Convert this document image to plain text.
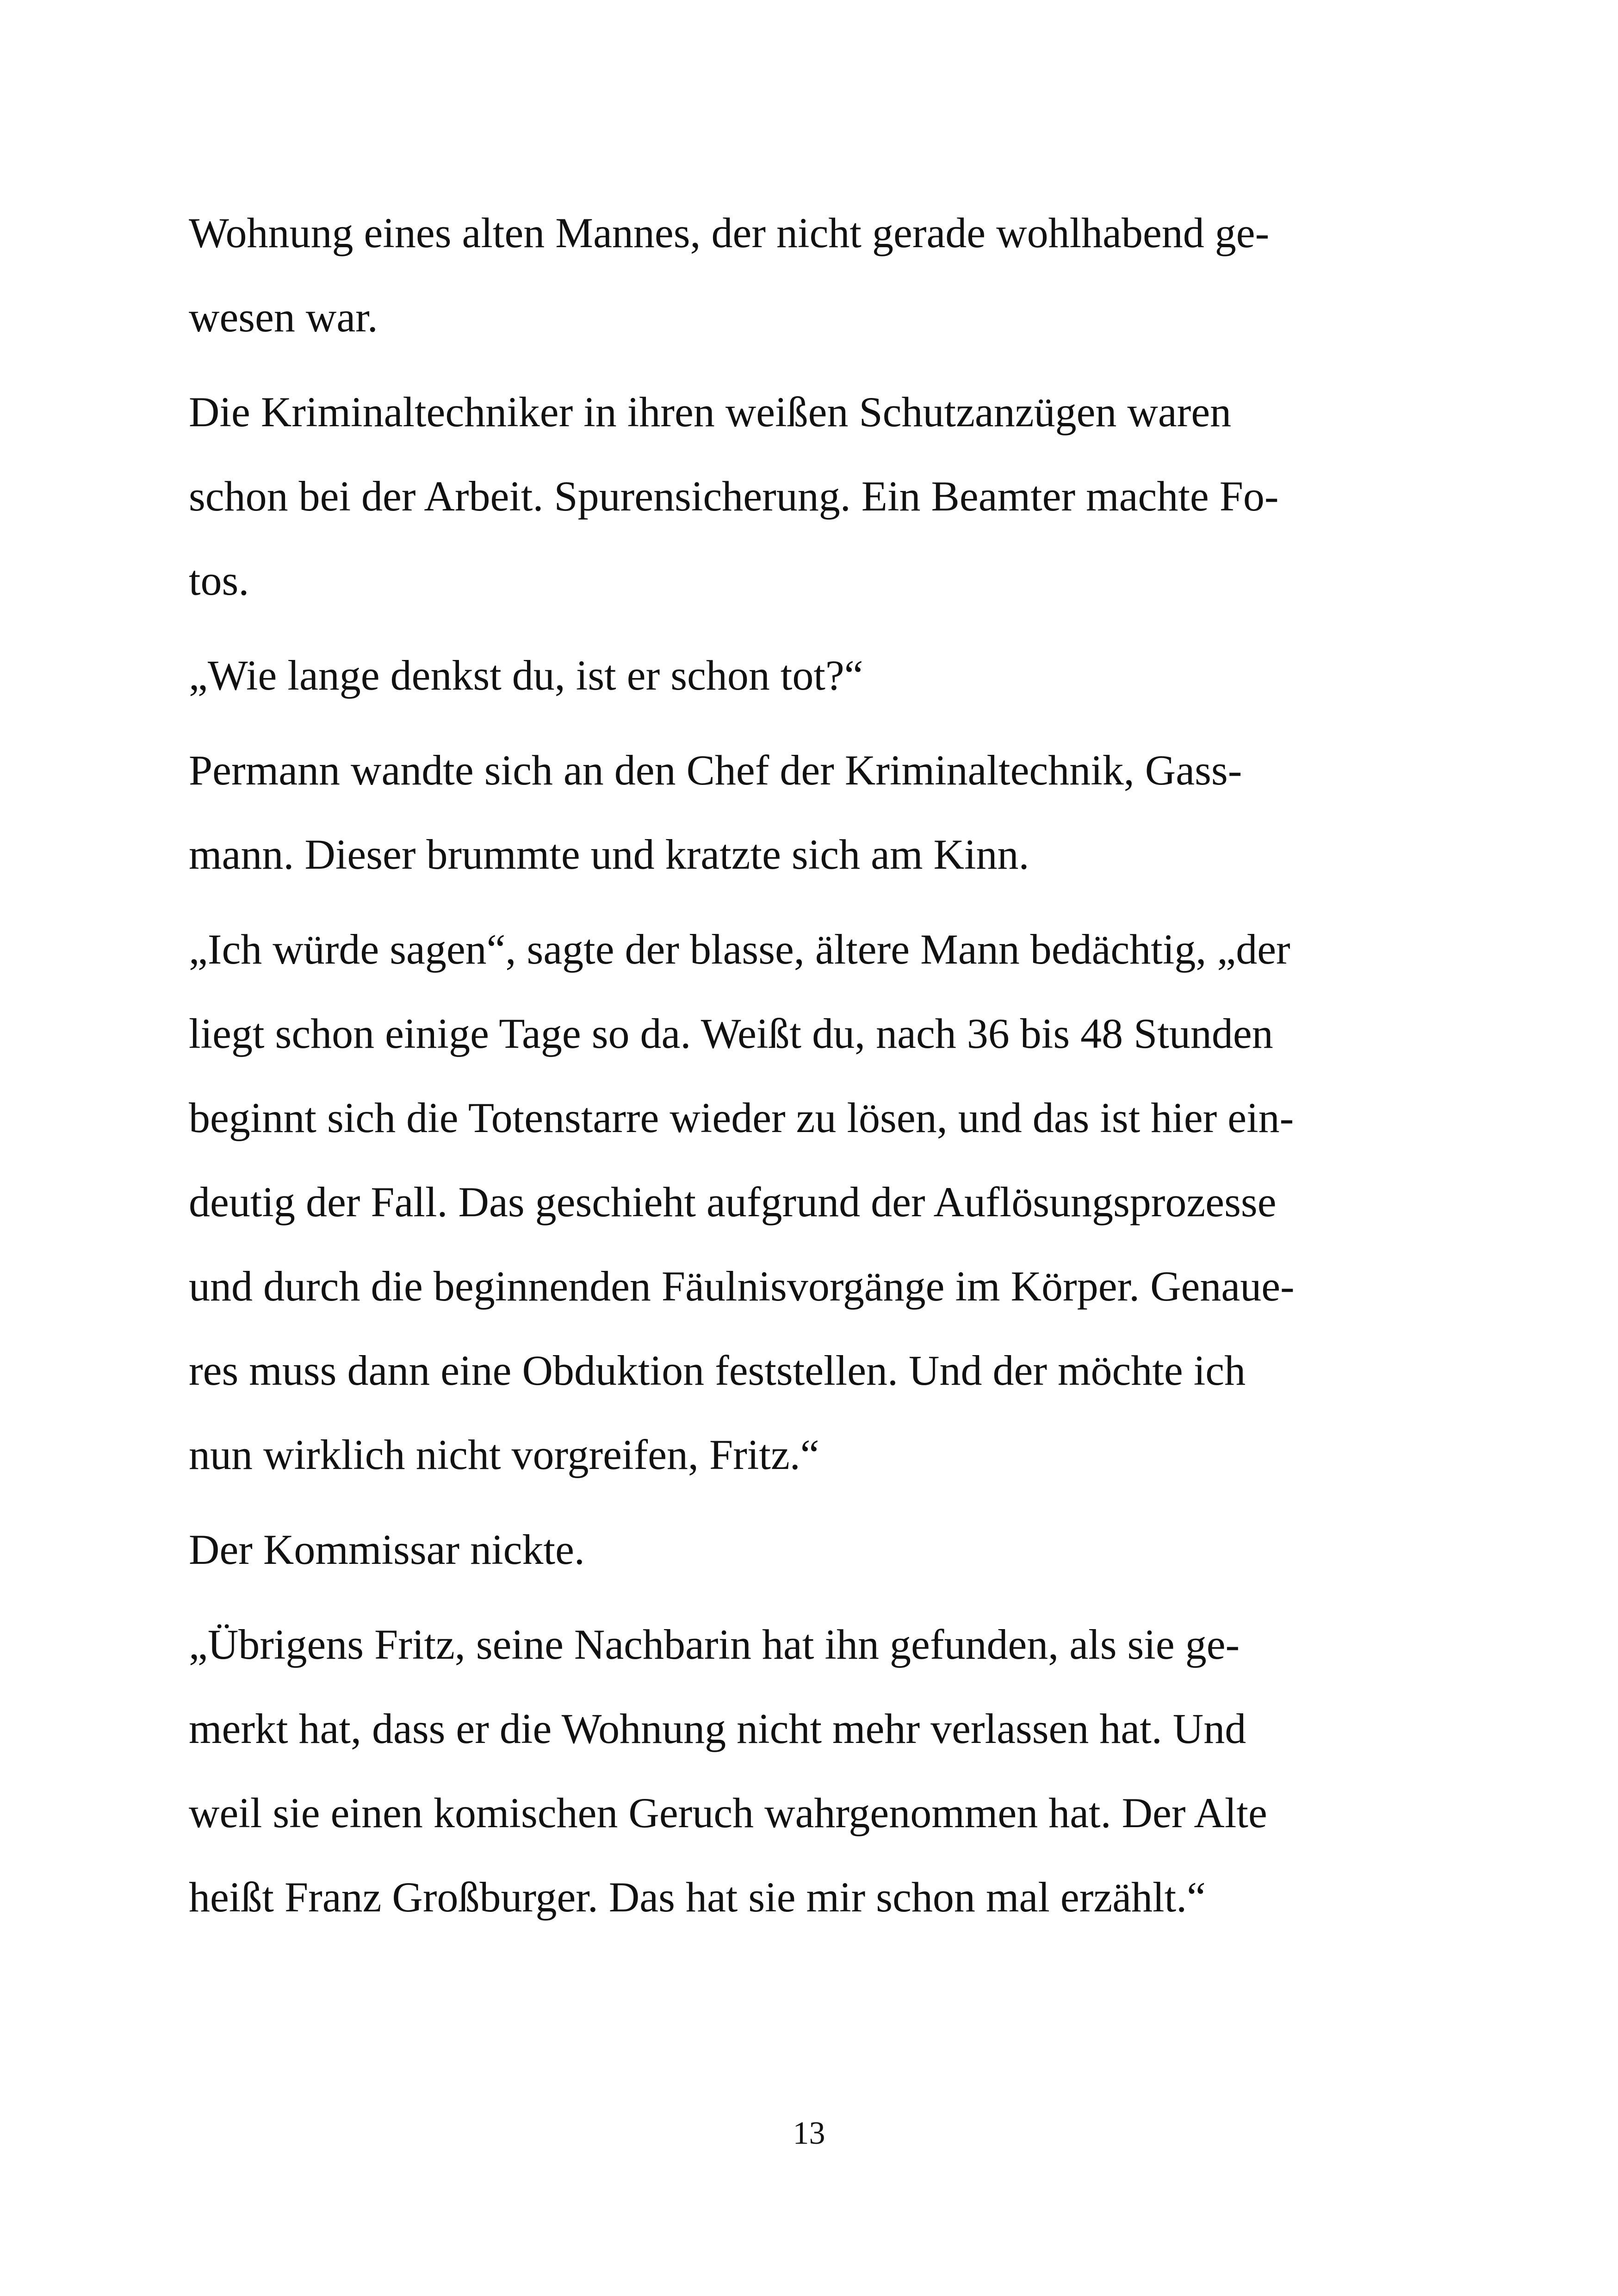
Wohnung eines alten Mannes, der nicht gerade wohlhabend ge-
wesen war.
Die Kriminaltechniker in ihren weißen Schutzanzügen waren
schon bei der Arbeit. Spurensicherung. Ein Beamter machte Fo-
tos.
„Wie lange denkst du, ist er schon tot?“
Permann wandte sich an den Chef der Kriminaltechnik, Gass-
mann. Dieser brummte und kratzte sich am Kinn.
„Ich würde sagen“, sagte der blasse, ältere Mann bedächtig, „der
liegt schon einige Tage so da. Weißt du, nach 36 bis 48 Stunden
beginnt sich die Totenstarre wieder zu lösen, und das ist hier ein-
deutig der Fall. Das geschieht aufgrund der Auflösungsprozesse
und durch die beginnenden Fäulnisvorgänge im Körper. Genaue-
res muss dann eine Obduktion feststellen. Und der möchte ich
nun wirklich nicht vorgreifen, Fritz.“
Der Kommissar nickte.
„Übrigens Fritz, seine Nachbarin hat ihn gefunden, als sie ge-
merkt hat, dass er die Wohnung nicht mehr verlassen hat. Und
weil sie einen komischen Geruch wahrgenommen hat. Der Alte
heißt Franz Großburger. Das hat sie mir schon mal erzählt.“
13
